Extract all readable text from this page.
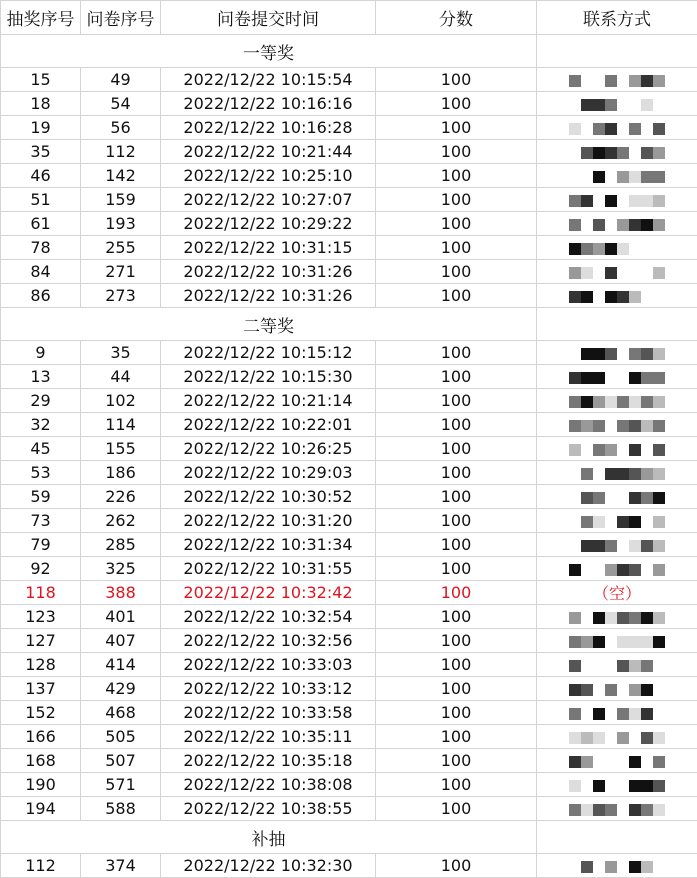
抽奖序号	问卷序号	问卷提交时间	分数	联系方式
一等奖				
15	49	2022/12/22 10:15:54	100	
18	54	2022/12/22 10:16:16	100	
19	56	2022/12/22 10:16:28	100	
35	112	2022/12/22 10:21:44	100	
46	142	2022/12/22 10:25:10	100	
51	159	2022/12/22 10:27:07	100	
61	193	2022/12/22 10:29:22	100	
78	255	2022/12/22 10:31:15	100	
84	271	2022/12/22 10:31:26	100	
86	273	2022/12/22 10:31:26	100	
二等奖				
9	35	2022/12/22 10:15:12	100	
13	44	2022/12/22 10:15:30	100	
29	102	2022/12/22 10:21:14	100	
32	114	2022/12/22 10:22:01	100	
45	155	2022/12/22 10:26:25	100	
53	186	2022/12/22 10:29:03	100	
59	226	2022/12/22 10:30:52	100	
73	262	2022/12/22 10:31:20	100	
79	285	2022/12/22 10:31:34	100	
92	325	2022/12/22 10:31:55	100	
118	388	2022/12/22 10:32:42	100	（空）
123	401	2022/12/22 10:32:54	100	
127	407	2022/12/22 10:32:56	100	
128	414	2022/12/22 10:33:03	100	
137	429	2022/12/22 10:33:12	100	
152	468	2022/12/22 10:33:58	100	
166	505	2022/12/22 10:35:11	100	
168	507	2022/12/22 10:35:18	100	
190	571	2022/12/22 10:38:08	100	
194	588	2022/12/22 10:38:55	100	
补抽				
112	374	2022/12/22 10:32:30	100	
